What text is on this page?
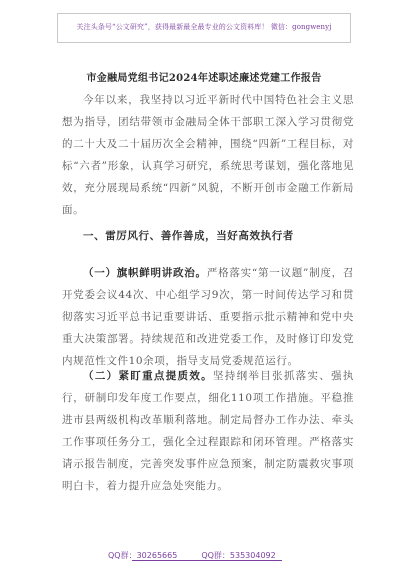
关注头条号“公文研究”，获得最新最全最专业的公文资料库！ 微信：gongwenyj
市金融局党组书记2024年述职述廉述党建工作报告
今年以来，我坚持以习近平新时代中国特色社会主义思想为指导，团结带领市金融局全体干部职工深入学习贯彻党的二十大及二十届历次全会精神，围绕“四新”工程目标，对标“六者”形象，认真学习研究，系统思考谋划，强化落地见效，充分展现局系统“四新”风貌，不断开创市金融工作新局面。
一、雷厉风行、善作善成，当好高效执行者
（一）旗帜鲜明讲政治。严格落实“第一议题”制度，召开党委会议44次、中心组学习9次，第一时间传达学习和贯彻落实习近平总书记重要讲话、重要指示批示精神和党中央重大决策部署。持续规范和改进党委工作，及时修订印发党内规范性文件10余项，指导支局党委规范运行。
（二）紧盯重点提质效。坚持纲举目张抓落实、强执行，研制印发年度工作要点，细化110项工作措施。平稳推进市县两级机构改革顺利落地。制定局督办工作办法、牵头工作事项任务分工，强化全过程跟踪和闭环管理。严格落实请示报告制度，完善突发事件应急预案，制定防震救灾事项明白卡，着力提升应急处突能力。
QQ群：30265665	QQ群：535304092
